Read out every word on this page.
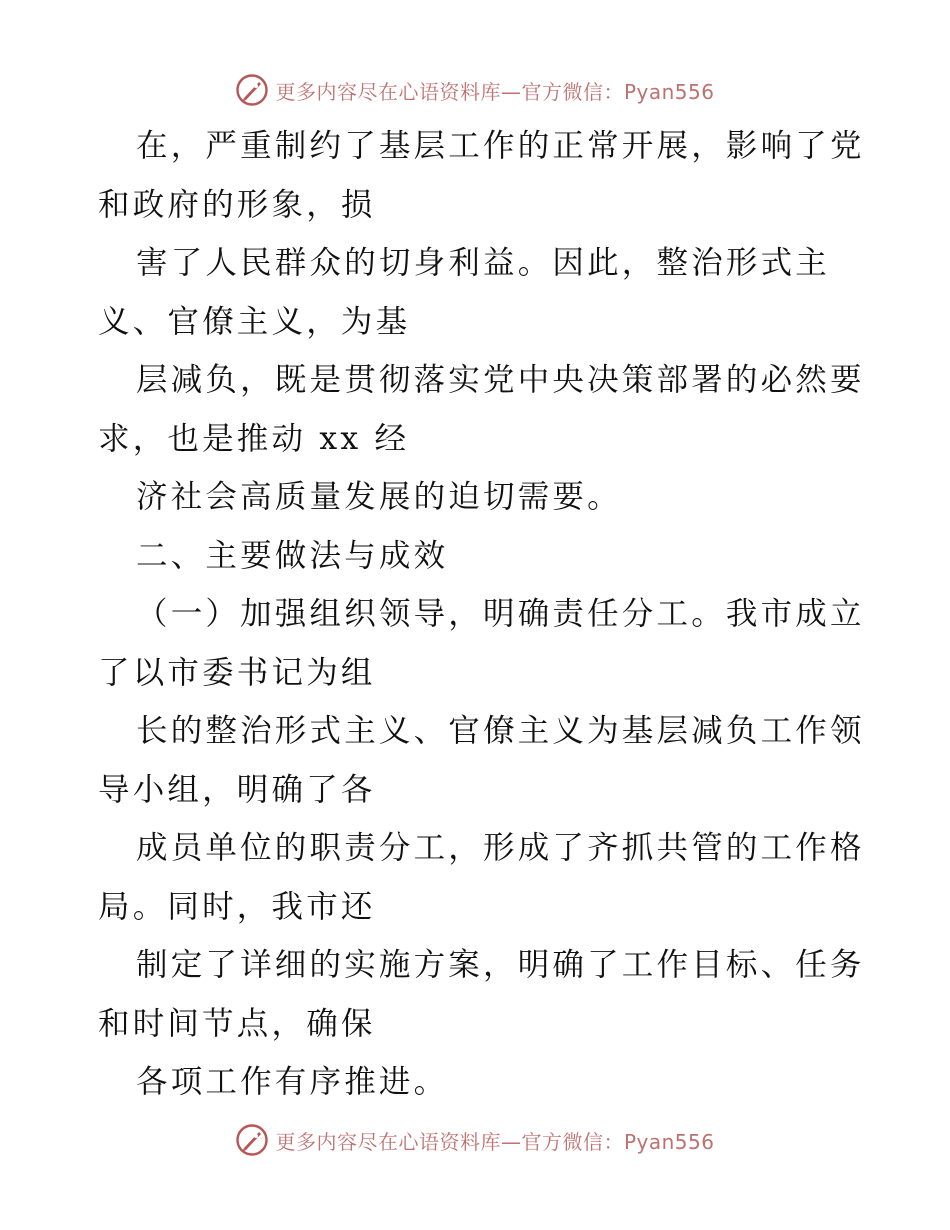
更多内容尽在心语资料库—官方微信：Pyan556
在，严重制约了基层工作的正常开展，影响了党
和政府的形象，损
害了人民群众的切身利益。因此，整治形式主
义、官僚主义，为基
层减负，既是贯彻落实党中央决策部署的必然要
求，也是推动 xx 经
济社会高质量发展的迫切需要。
二、主要做法与成效
（一）加强组织领导，明确责任分工。我市成立
了以市委书记为组
长的整治形式主义、官僚主义为基层减负工作领
导小组，明确了各
成员单位的职责分工，形成了齐抓共管的工作格
局。同时，我市还
制定了详细的实施方案，明确了工作目标、任务
和时间节点，确保
各项工作有序推进。
更多内容尽在心语资料库—官方微信：Pyan556
